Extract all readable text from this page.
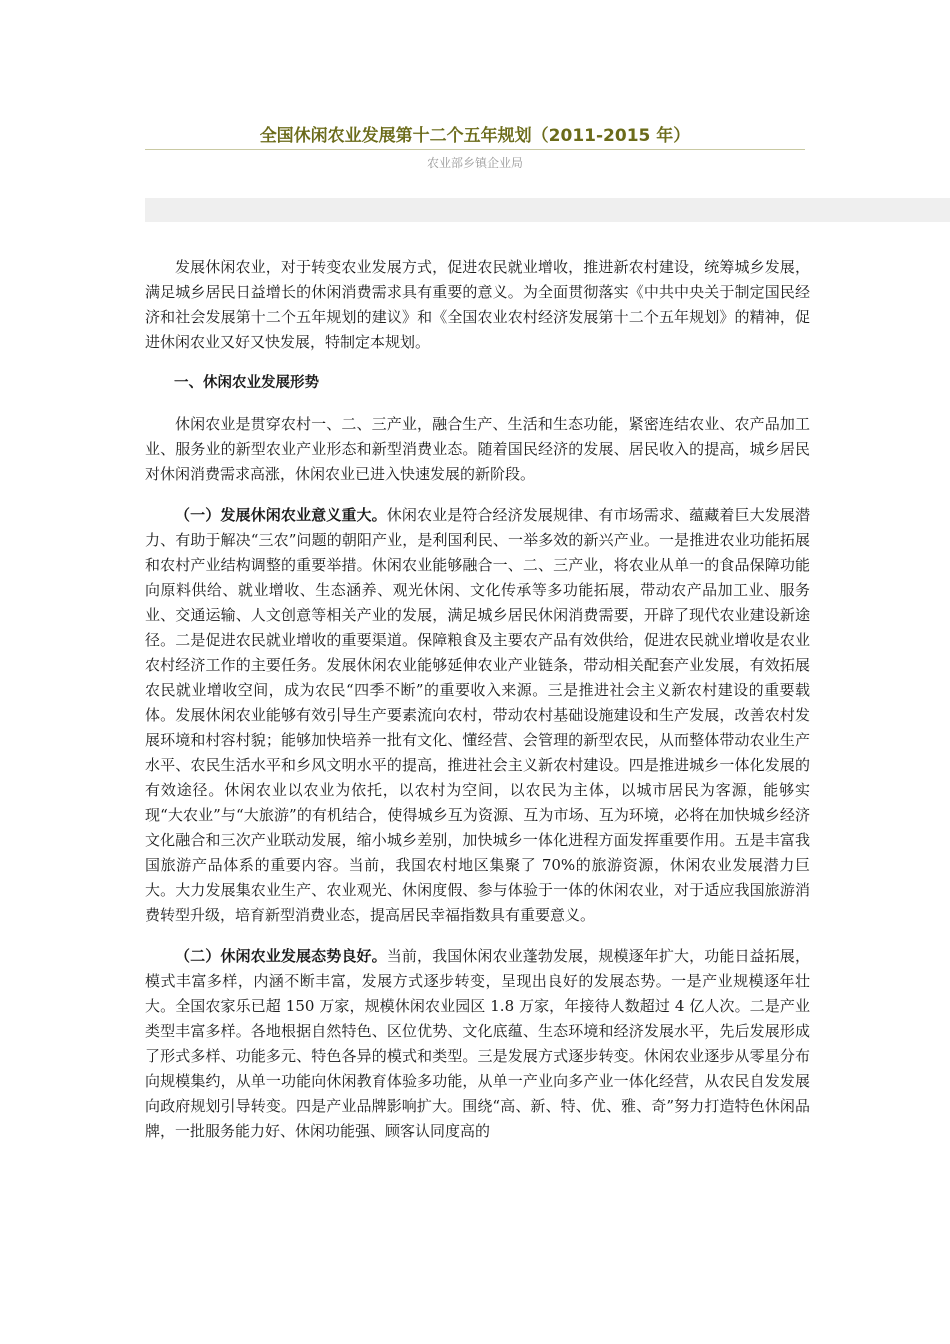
全国休闲农业发展第十二个五年规划（2011-2015 年）
农业部乡镇企业局

发展休闲农业，对于转变农业发展方式，促进农民就业增收，推进新农村建设，统筹城乡发展，满足城乡居民日益增长的休闲消费需求具有重要的意义。为全面贯彻落实《中共中央关于制定国民经济和社会发展第十二个五年规划的建议》和《全国农业农村经济发展第十二个五年规划》的精神，促进休闲农业又好又快发展，特制定本规划。

一、休闲农业发展形势

休闲农业是贯穿农村一、二、三产业，融合生产、生活和生态功能，紧密连结农业、农产品加工业、服务业的新型农业产业形态和新型消费业态。随着国民经济的发展、居民收入的提高，城乡居民对休闲消费需求高涨，休闲农业已进入快速发展的新阶段。

（一）发展休闲农业意义重大。休闲农业是符合经济发展规律、有市场需求、蕴藏着巨大发展潜力、有助于解决“三农”问题的朝阳产业，是利国利民、一举多效的新兴产业。一是推进农业功能拓展和农村产业结构调整的重要举措。休闲农业能够融合一、二、三产业，将农业从单一的食品保障功能向原料供给、就业增收、生态涵养、观光休闲、文化传承等多功能拓展，带动农产品加工业、服务业、交通运输、人文创意等相关产业的发展，满足城乡居民休闲消费需要，开辟了现代农业建设新途径。二是促进农民就业增收的重要渠道。保障粮食及主要农产品有效供给，促进农民就业增收是农业农村经济工作的主要任务。发展休闲农业能够延伸农业产业链条，带动相关配套产业发展，有效拓展农民就业增收空间，成为农民“四季不断”的重要收入来源。三是推进社会主义新农村建设的重要载体。发展休闲农业能够有效引导生产要素流向农村，带动农村基础设施建设和生产发展，改善农村发展环境和村容村貌；能够加快培养一批有文化、懂经营、会管理的新型农民，从而整体带动农业生产水平、农民生活水平和乡风文明水平的提高，推进社会主义新农村建设。四是推进城乡一体化发展的有效途径。休闲农业以农业为依托，以农村为空间，以农民为主体，以城市居民为客源，能够实现“大农业”与“大旅游”的有机结合，使得城乡互为资源、互为市场、互为环境，必将在加快城乡经济文化融合和三次产业联动发展，缩小城乡差别，加快城乡一体化进程方面发挥重要作用。五是丰富我国旅游产品体系的重要内容。当前，我国农村地区集聚了 70%的旅游资源，休闲农业发展潜力巨大。大力发展集农业生产、农业观光、休闲度假、参与体验于一体的休闲农业，对于适应我国旅游消费转型升级，培育新型消费业态，提高居民幸福指数具有重要意义。

（二）休闲农业发展态势良好。当前，我国休闲农业蓬勃发展，规模逐年扩大，功能日益拓展，模式丰富多样，内涵不断丰富，发展方式逐步转变，呈现出良好的发展态势。一是产业规模逐年壮大。全国农家乐已超 150 万家，规模休闲农业园区 1.8 万家，年接待人数超过 4 亿人次。二是产业类型丰富多样。各地根据自然特色、区位优势、文化底蕴、生态环境和经济发展水平，先后发展形成了形式多样、功能多元、特色各异的模式和类型。三是发展方式逐步转变。休闲农业逐步从零星分布向规模集约，从单一功能向休闲教育体验多功能，从单一产业向多产业一体化经营，从农民自发发展向政府规划引导转变。四是产业品牌影响扩大。围绕“高、新、特、优、雅、奇”努力打造特色休闲品牌，一批服务能力好、休闲功能强、顾客认同度高的
